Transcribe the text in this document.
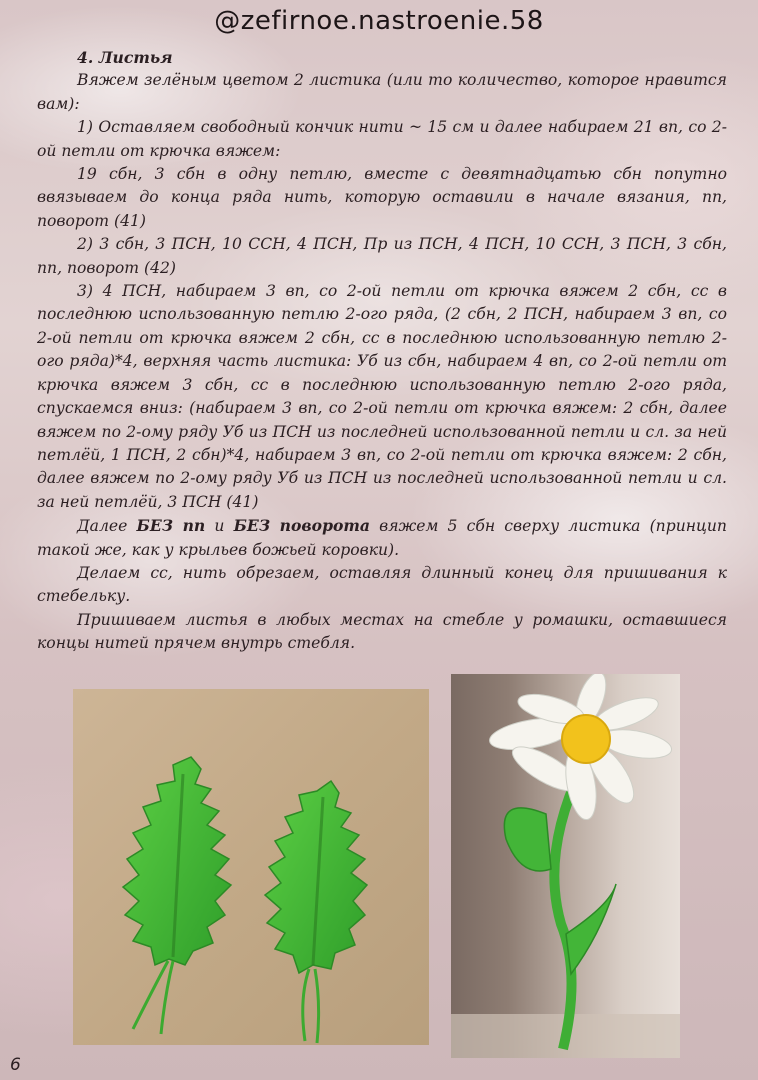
@zefirnoe.nastroenie.58

4. Листья

Вяжем зелёным цветом 2 листика (или то количество, которое нравится вам):

1) Оставляем свободный кончик нити ~ 15 см и далее набираем 21 вп, со 2-ой петли от крючка вяжем:

19 сбн, 3 сбн в одну петлю, вместе с девятнадцатью сбн попутно ввязываем до конца ряда нить, которую оставили в начале вязания, пп, поворот (41)

2) 3 сбн, 3 ПСН, 10 ССН, 4 ПСН, Пр из ПСН, 4 ПСН, 10 ССН, 3 ПСН, 3 сбн, пп, поворот (42)

3) 4 ПСН, набираем 3 вп, со 2-ой петли от крючка вяжем 2 сбн, сс в последнюю использованную петлю 2-ого ряда, (2 сбн, 2 ПСН, набираем 3 вп, со 2-ой петли от крючка вяжем 2 сбн, сс в последнюю использованную петлю 2-ого ряда)*4, верхняя часть листика: Уб из сбн, набираем 4 вп, со 2-ой петли от крючка вяжем 3 сбн, сс в последнюю использованную петлю 2-ого ряда, спускаемся вниз: (набираем 3 вп, со 2-ой петли от крючка вяжем: 2 сбн, далее вяжем по 2-ому ряду Уб из ПСН из последней использованной петли и сл. за ней петлёй, 1 ПСН, 2 сбн)*4, набираем 3 вп, со 2-ой петли от крючка вяжем: 2 сбн, далее вяжем по 2-ому ряду Уб из ПСН из последней использованной петли и сл. за ней петлёй, 3 ПСН (41)

Далее БЕЗ пп и БЕЗ поворота вяжем 5 сбн сверху листика (принцип такой же, как у крыльев божьей коровки).

Делаем сс, нить обрезаем, оставляя длинный конец для пришивания к стебельку.

Пришиваем листья в любых местах на стебле у ромашки, оставшиеся концы нитей прячем внутрь стебля.

6
